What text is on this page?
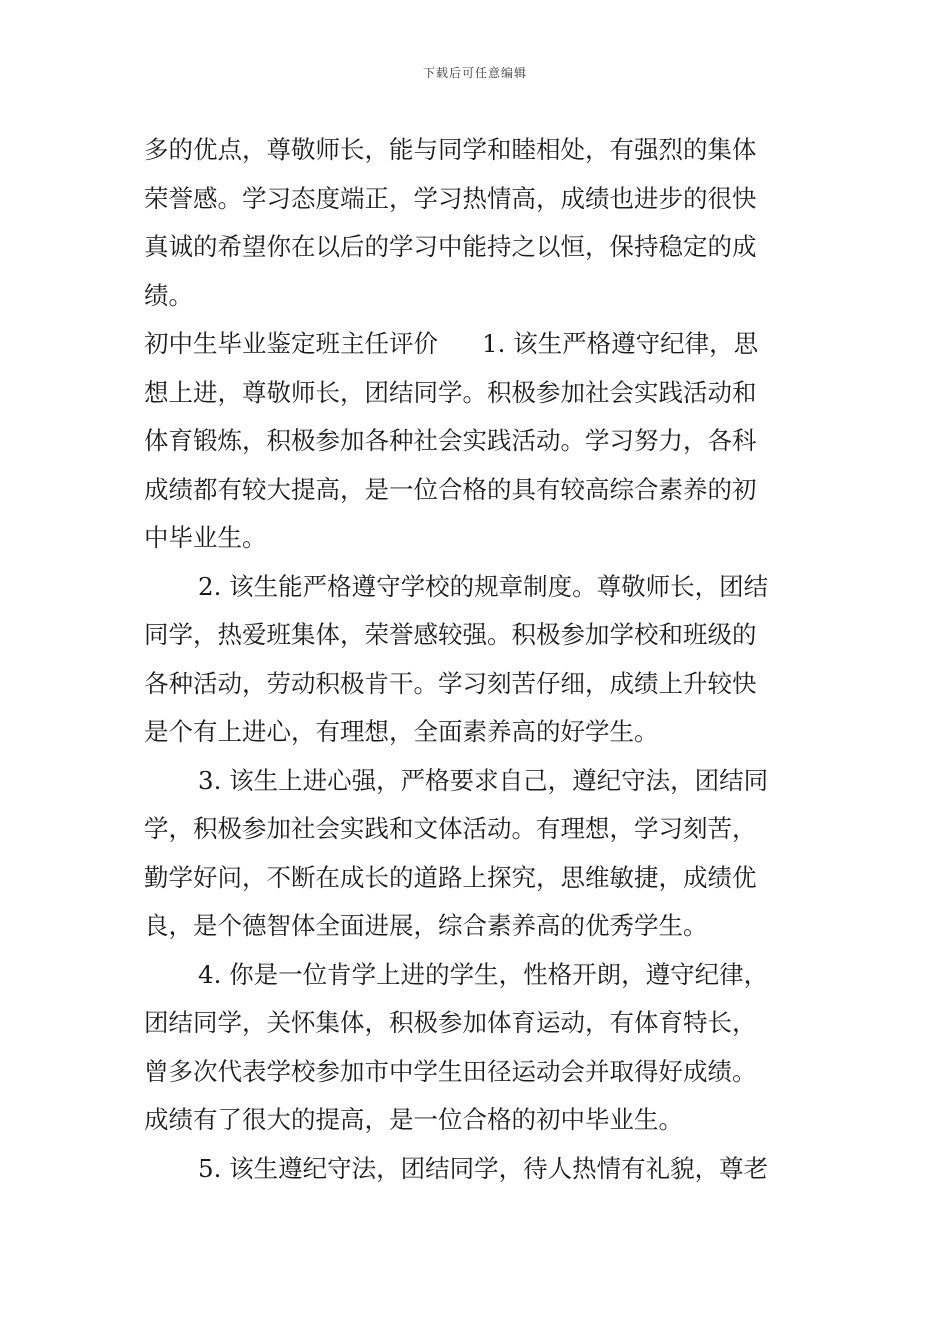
下载后可任意编辑
多的优点，尊敬师长，能与同学和睦相处，有强烈的集体
荣誉感。学习态度端正，学习热情高，成绩也进步的很快
真诚的希望你在以后的学习中能持之以恒，保持稳定的成
绩。
初中生毕业鉴定班主任评价 1. 该生严格遵守纪律，思
想上进，尊敬师长，团结同学。积极参加社会实践活动和
体育锻炼，积极参加各种社会实践活动。学习努力，各科
成绩都有较大提高，是一位合格的具有较高综合素养的初
中毕业生。
2. 该生能严格遵守学校的规章制度。尊敬师长，团结
同学，热爱班集体，荣誉感较强。积极参加学校和班级的
各种活动，劳动积极肯干。学习刻苦仔细，成绩上升较快
是个有上进心，有理想，全面素养高的好学生。
3. 该生上进心强，严格要求自己，遵纪守法，团结同
学，积极参加社会实践和文体活动。有理想，学习刻苦，
勤学好问，不断在成长的道路上探究，思维敏捷，成绩优
良，是个德智体全面进展，综合素养高的优秀学生。
4. 你是一位肯学上进的学生，性格开朗，遵守纪律，
团结同学，关怀集体，积极参加体育运动，有体育特长，
曾多次代表学校参加市中学生田径运动会并取得好成绩。
成绩有了很大的提高，是一位合格的初中毕业生。
5. 该生遵纪守法，团结同学，待人热情有礼貌，尊老
